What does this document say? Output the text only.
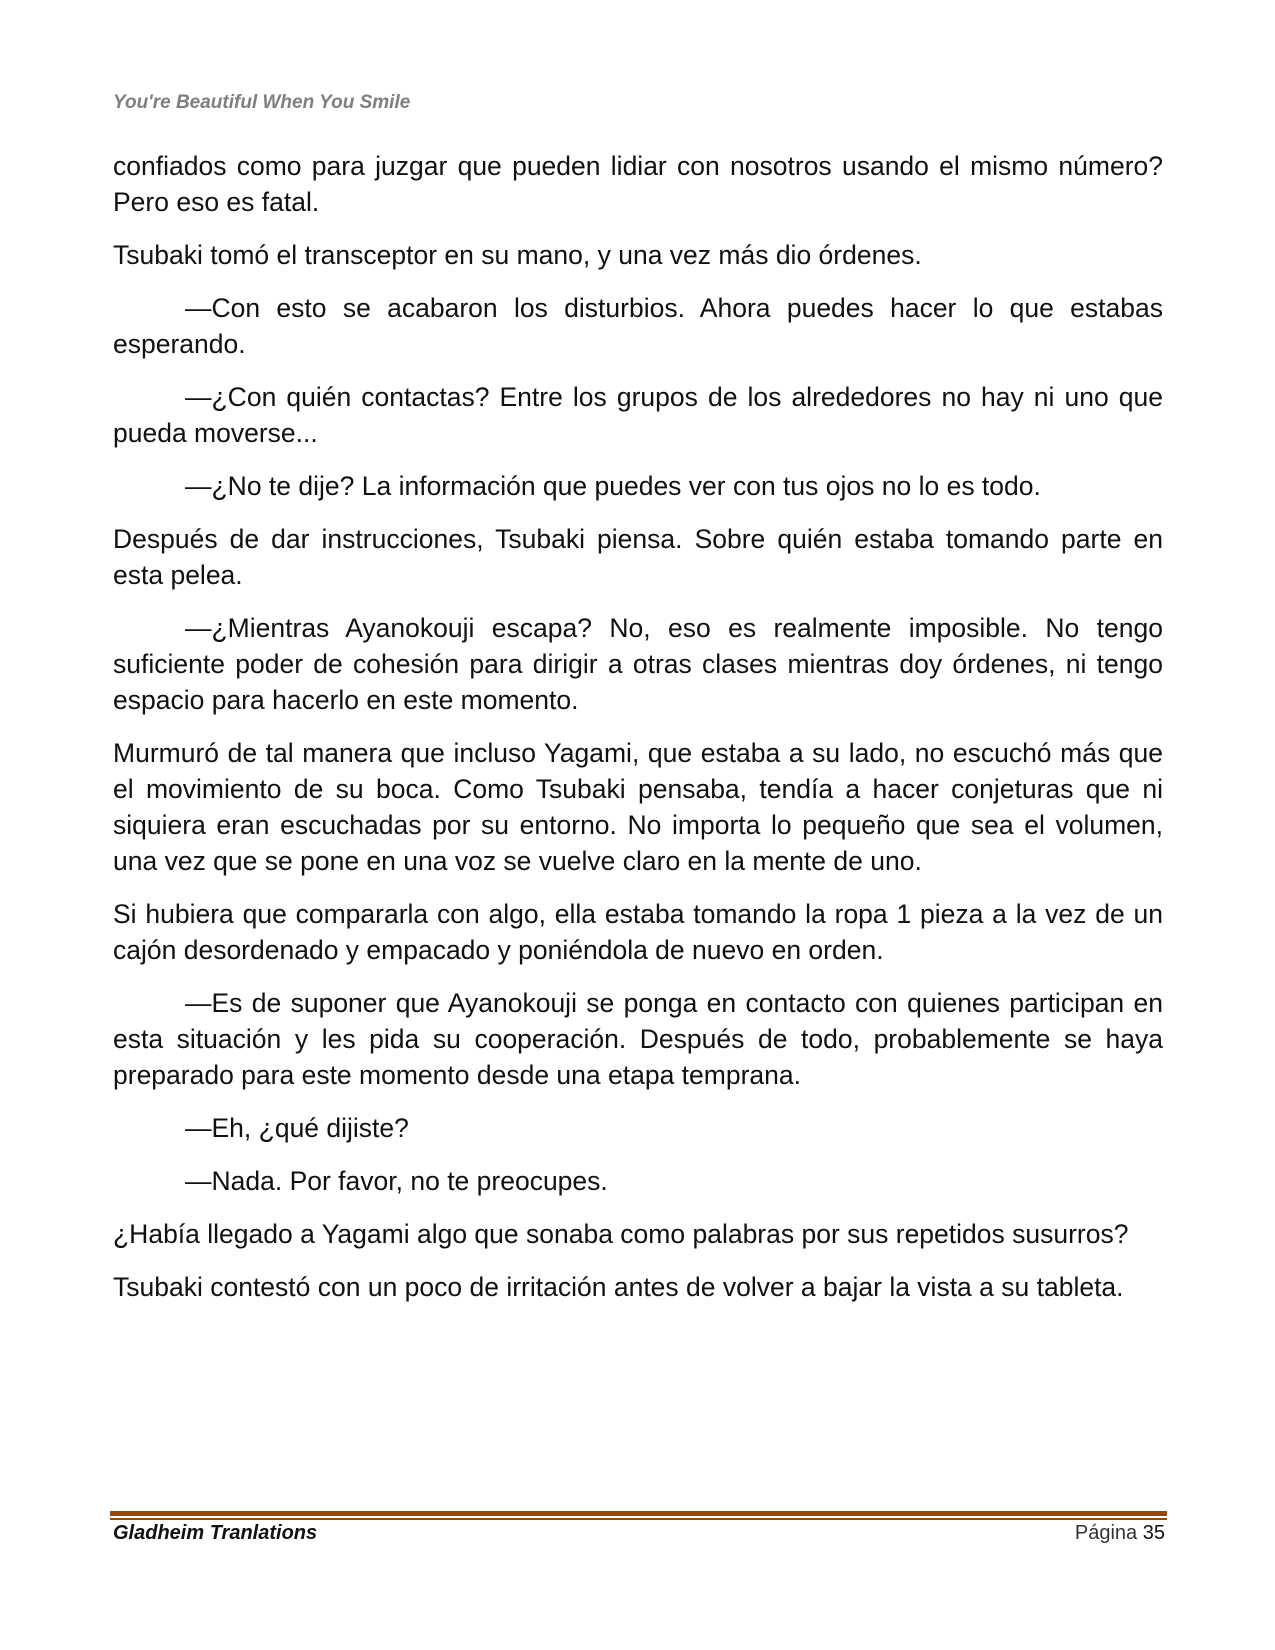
You're Beautiful When You Smile

confiados como para juzgar que pueden lidiar con nosotros usando el mismo número? Pero eso es fatal.

Tsubaki tomó el transceptor en su mano, y una vez más dio órdenes.

—Con esto se acabaron los disturbios. Ahora puedes hacer lo que estabas esperando.

—¿Con quién contactas? Entre los grupos de los alrededores no hay ni uno que pueda moverse...

—¿No te dije? La información que puedes ver con tus ojos no lo es todo.

Después de dar instrucciones, Tsubaki piensa. Sobre quién estaba tomando parte en esta pelea.

—¿Mientras Ayanokouji escapa? No, eso es realmente imposible. No tengo suficiente poder de cohesión para dirigir a otras clases mientras doy órdenes, ni tengo espacio para hacerlo en este momento.

Murmuró de tal manera que incluso Yagami, que estaba a su lado, no escuchó más que el movimiento de su boca. Como Tsubaki pensaba, tendía a hacer conjeturas que ni siquiera eran escuchadas por su entorno. No importa lo pequeño que sea el volumen, una vez que se pone en una voz se vuelve claro en la mente de uno.

Si hubiera que compararla con algo, ella estaba tomando la ropa 1 pieza a la vez de un cajón desordenado y empacado y poniéndola de nuevo en orden.

—Es de suponer que Ayanokouji se ponga en contacto con quienes participan en esta situación y les pida su cooperación. Después de todo, probablemente se haya preparado para este momento desde una etapa temprana.

—Eh, ¿qué dijiste?

—Nada. Por favor, no te preocupes.

¿Había llegado a Yagami algo que sonaba como palabras por sus repetidos susurros?

Tsubaki contestó con un poco de irritación antes de volver a bajar la vista a su tableta.

Gladheim Tranlations	Página 35
